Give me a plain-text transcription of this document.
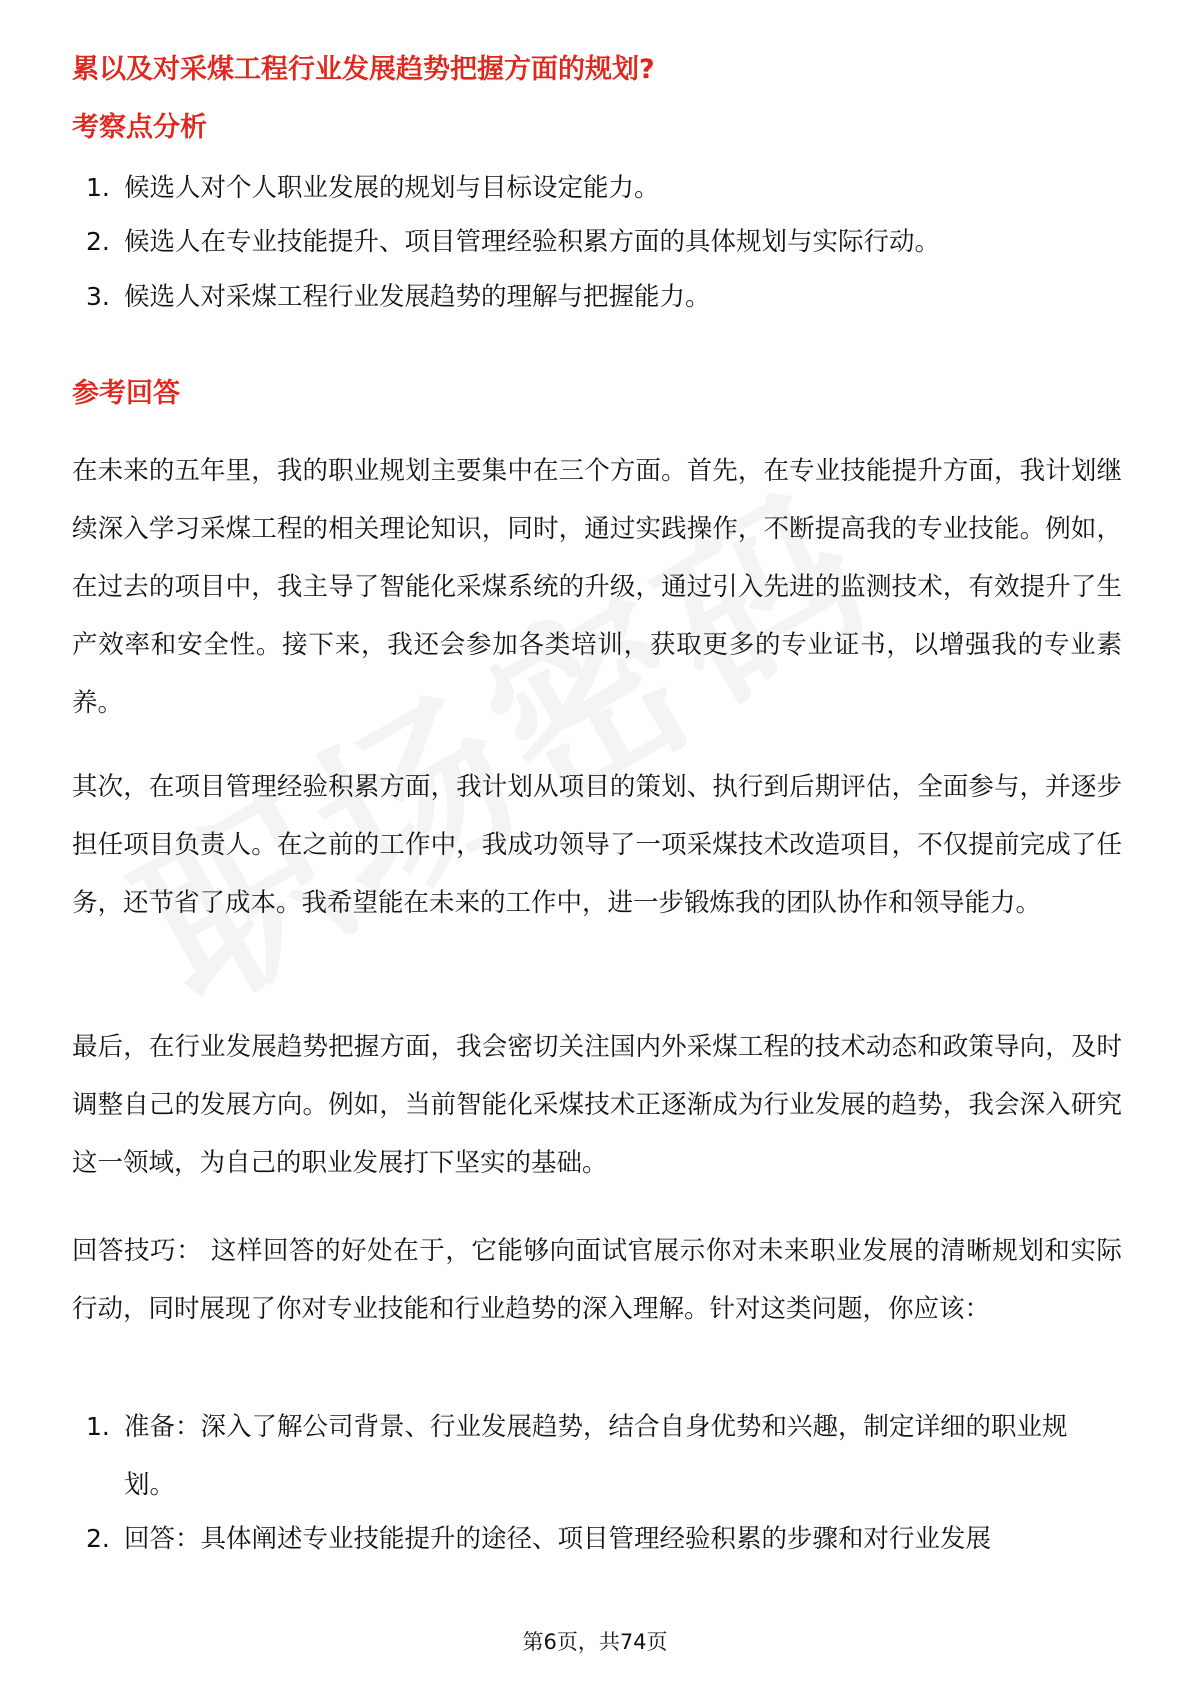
累以及对采煤工程行业发展趋势把握方面的规划?
考察点分析
1. 候选人对个人职业发展的规划与目标设定能力。
2. 候选人在专业技能提升、项目管理经验积累方面的具体规划与实际行动。
3. 候选人对采煤工程行业发展趋势的理解与把握能力。
参考回答
在未来的五年里，我的职业规划主要集中在三个方面。首先，在专业技能提升方面，我计划继续深入学习采煤工程的相关理论知识，同时，通过实践操作，不断提高我的专业技能。例如，在过去的项目中，我主导了智能化采煤系统的升级，通过引入先进的监测技术，有效提升了生产效率和安全性。接下来，我还会参加各类培训，获取更多的专业证书，以增强我的专业素养。
其次，在项目管理经验积累方面，我计划从项目的策划、执行到后期评估，全面参与，并逐步担任项目负责人。在之前的工作中，我成功领导了一项采煤技术改造项目，不仅提前完成了任务，还节省了成本。我希望能在未来的工作中，进一步锻炼我的团队协作和领导能力。
最后，在行业发展趋势把握方面，我会密切关注国内外采煤工程的技术动态和政策导向，及时调整自己的发展方向。例如，当前智能化采煤技术正逐渐成为行业发展的趋势，我会深入研究这一领域，为自己的职业发展打下坚实的基础。
回答技巧： 这样回答的好处在于，它能够向面试官展示你对未来职业发展的清晰规划和实际行动，同时展现了你对专业技能和行业趋势的深入理解。针对这类问题，你应该：
1. 准备：深入了解公司背景、行业发展趋势，结合自身优势和兴趣，制定详细的职业规划。
2. 回答：具体阐述专业技能提升的途径、项目管理经验积累的步骤和对行业发展
第6页，共74页
